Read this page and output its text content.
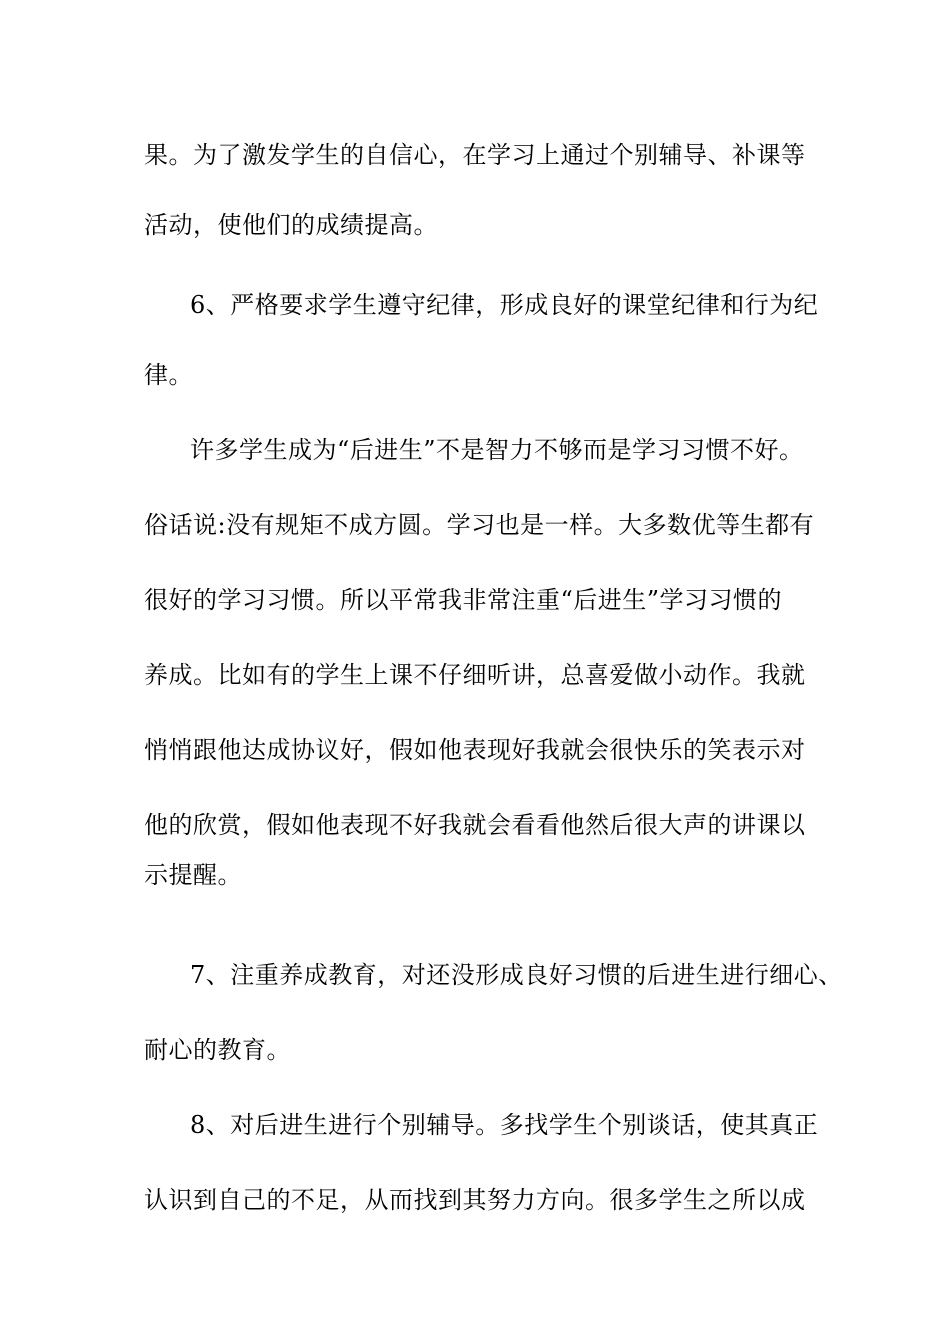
果。为了激发学生的自信心，在学习上通过个别辅导、补课等
活动，使他们的成绩提高。
6、严格要求学生遵守纪律，形成良好的课堂纪律和行为纪
律。
许多学生成为“后进生”不是智力不够而是学习习惯不好。
俗话说:没有规矩不成方圆。学习也是一样。大多数优等生都有
很好的学习习惯。所以平常我非常注重“后进生”学习习惯的
养成。比如有的学生上课不仔细听讲，总喜爱做小动作。我就
悄悄跟他达成协议好，假如他表现好我就会很快乐的笑表示对
他的欣赏，假如他表现不好我就会看看他然后很大声的讲课以
示提醒。
7、注重养成教育，对还没形成良好习惯的后进生进行细心、
耐心的教育。
8、对后进生进行个别辅导。多找学生个别谈话，使其真正
认识到自己的不足，从而找到其努力方向。很多学生之所以成
